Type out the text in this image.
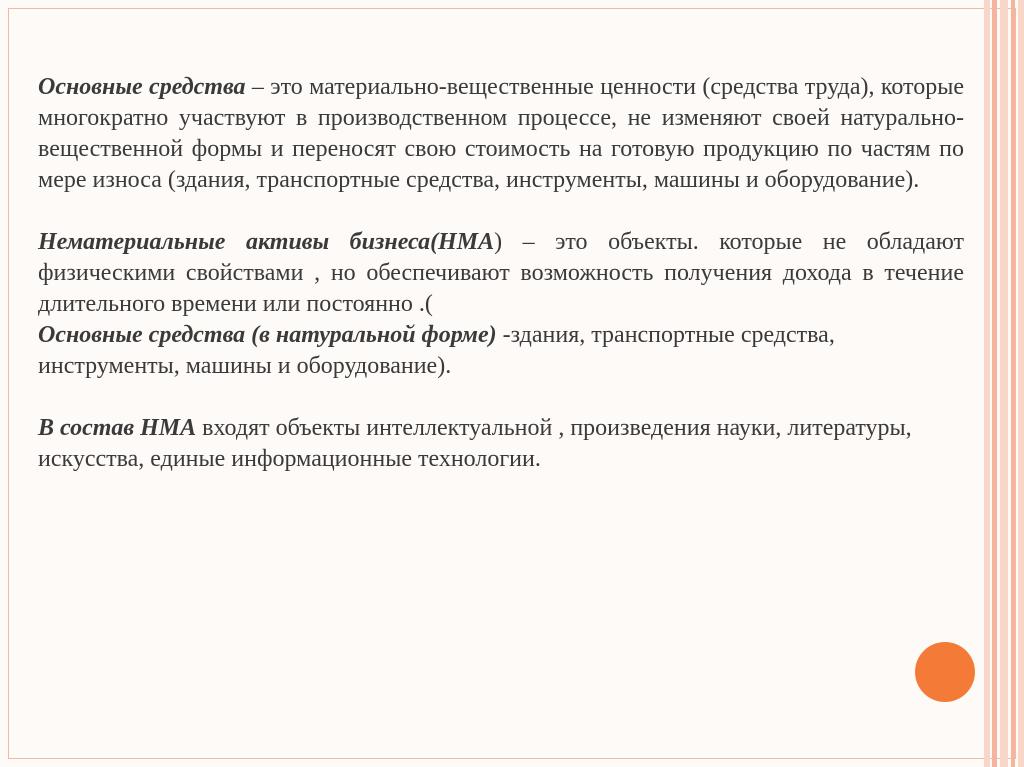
Основные средства – это материально-вещественные ценности (средства труда), которые многократно участвуют в производственном процессе, не изменяют своей натурально-вещественной формы и переносят свою стоимость на готовую продукцию по частям по мере износа (здания, транспортные средства, инструменты, машины и оборудование).

Нематериальные активы бизнеса(НМА) – это объекты. которые не обладают физическими свойствами , но обеспечивают возможность получения дохода в течение длительного времени или постоянно .(

Основные средства (в натуральной форме) -здания, транспортные средства, инструменты, машины и оборудование).

В состав НМА входят объекты интеллектуальной , произведения науки, литературы, искусства, единые информационные технологии.
